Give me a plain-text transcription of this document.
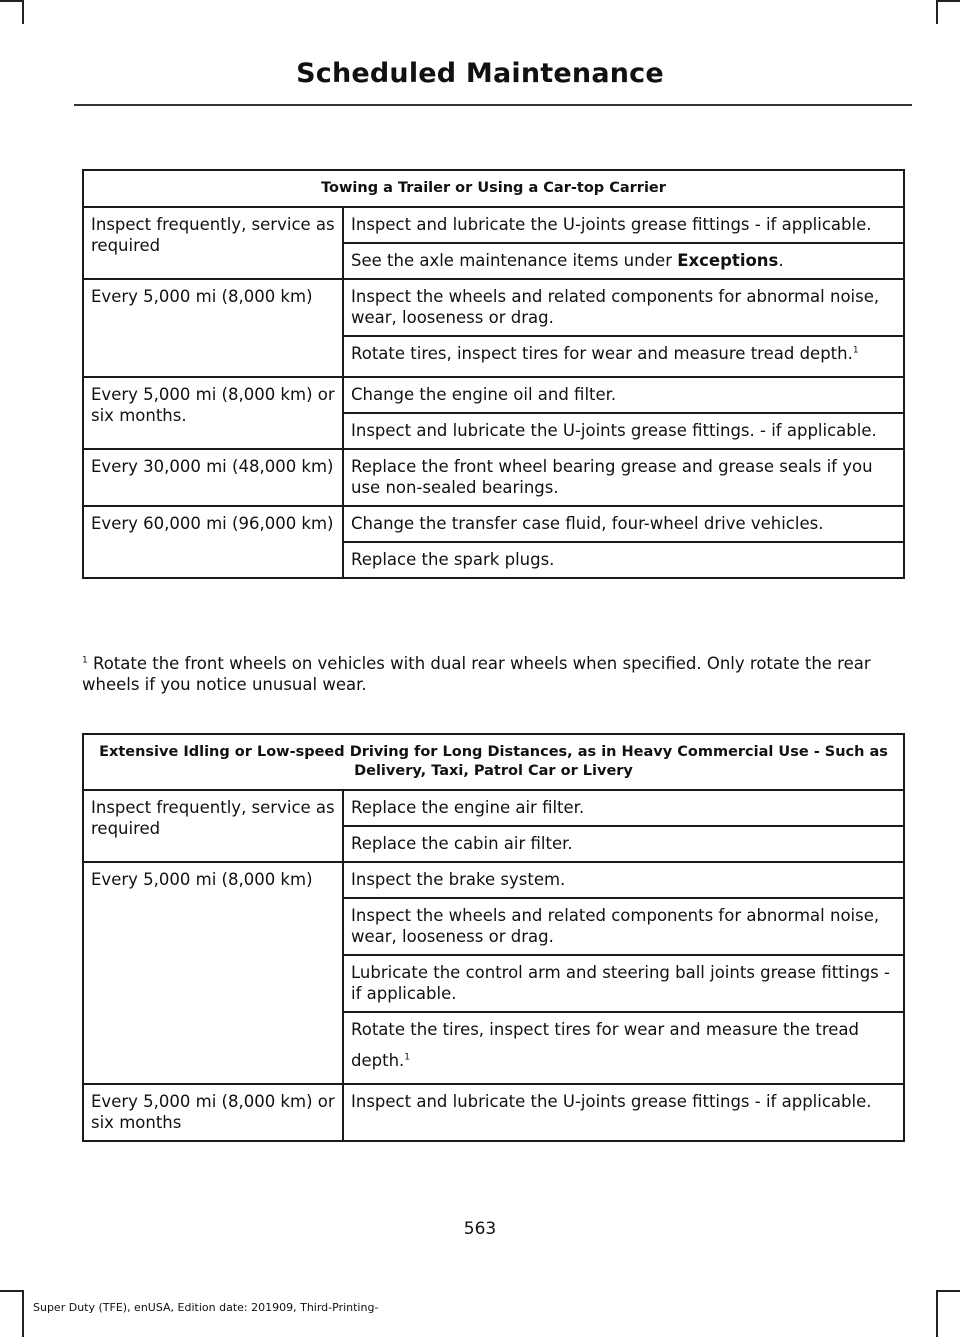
Scheduled Maintenance
Towing a Trailer or Using a Car-top Carrier	
Inspect frequently, service as required	Inspect and lubricate the U-joints grease fittings - if applicable.
	See the axle maintenance items under Exceptions.
Every 5,000 mi (8,000 km)	Inspect the wheels and related components for abnormal noise, wear, looseness or drag.
	Rotate tires, inspect tires for wear and measure tread depth.$^1$
Every 5,000 mi (8,000 km) or six months.	Change the engine oil and filter.
	Inspect and lubricate the U-joints grease fittings. - if applicable.
Every 30,000 mi (48,000 km)	Replace the front wheel bearing grease and grease seals if you use non-sealed bearings.
Every 60,000 mi (96,000 km)	Change the transfer case fluid, four-wheel drive vehicles.
	Replace the spark plugs.
$^1$ Rotate the front wheels on vehicles with dual rear wheels when specified. Only rotate the rear wheels if you notice unusual wear.
Extensive Idling or Low-speed Driving for Long Distances, as in Heavy Commercial Use - Such as Delivery, Taxi, Patrol Car or Livery	
Inspect frequently, service as required	Replace the engine air filter.
	Replace the cabin air filter.
Every 5,000 mi (8,000 km)	Inspect the brake system.
	Inspect the wheels and related components for abnormal noise, wear, looseness or drag.
	Lubricate the control arm and steering ball joints grease fittings - if applicable.
	Rotate the tires, inspect tires for wear and measure the tread depth.$^1$
Every 5,000 mi (8,000 km) or six months	Inspect and lubricate the U-joints grease fittings - if applicable.
563
Super Duty (TFE), enUSA, Edition date: 201909, Third-Printing-
